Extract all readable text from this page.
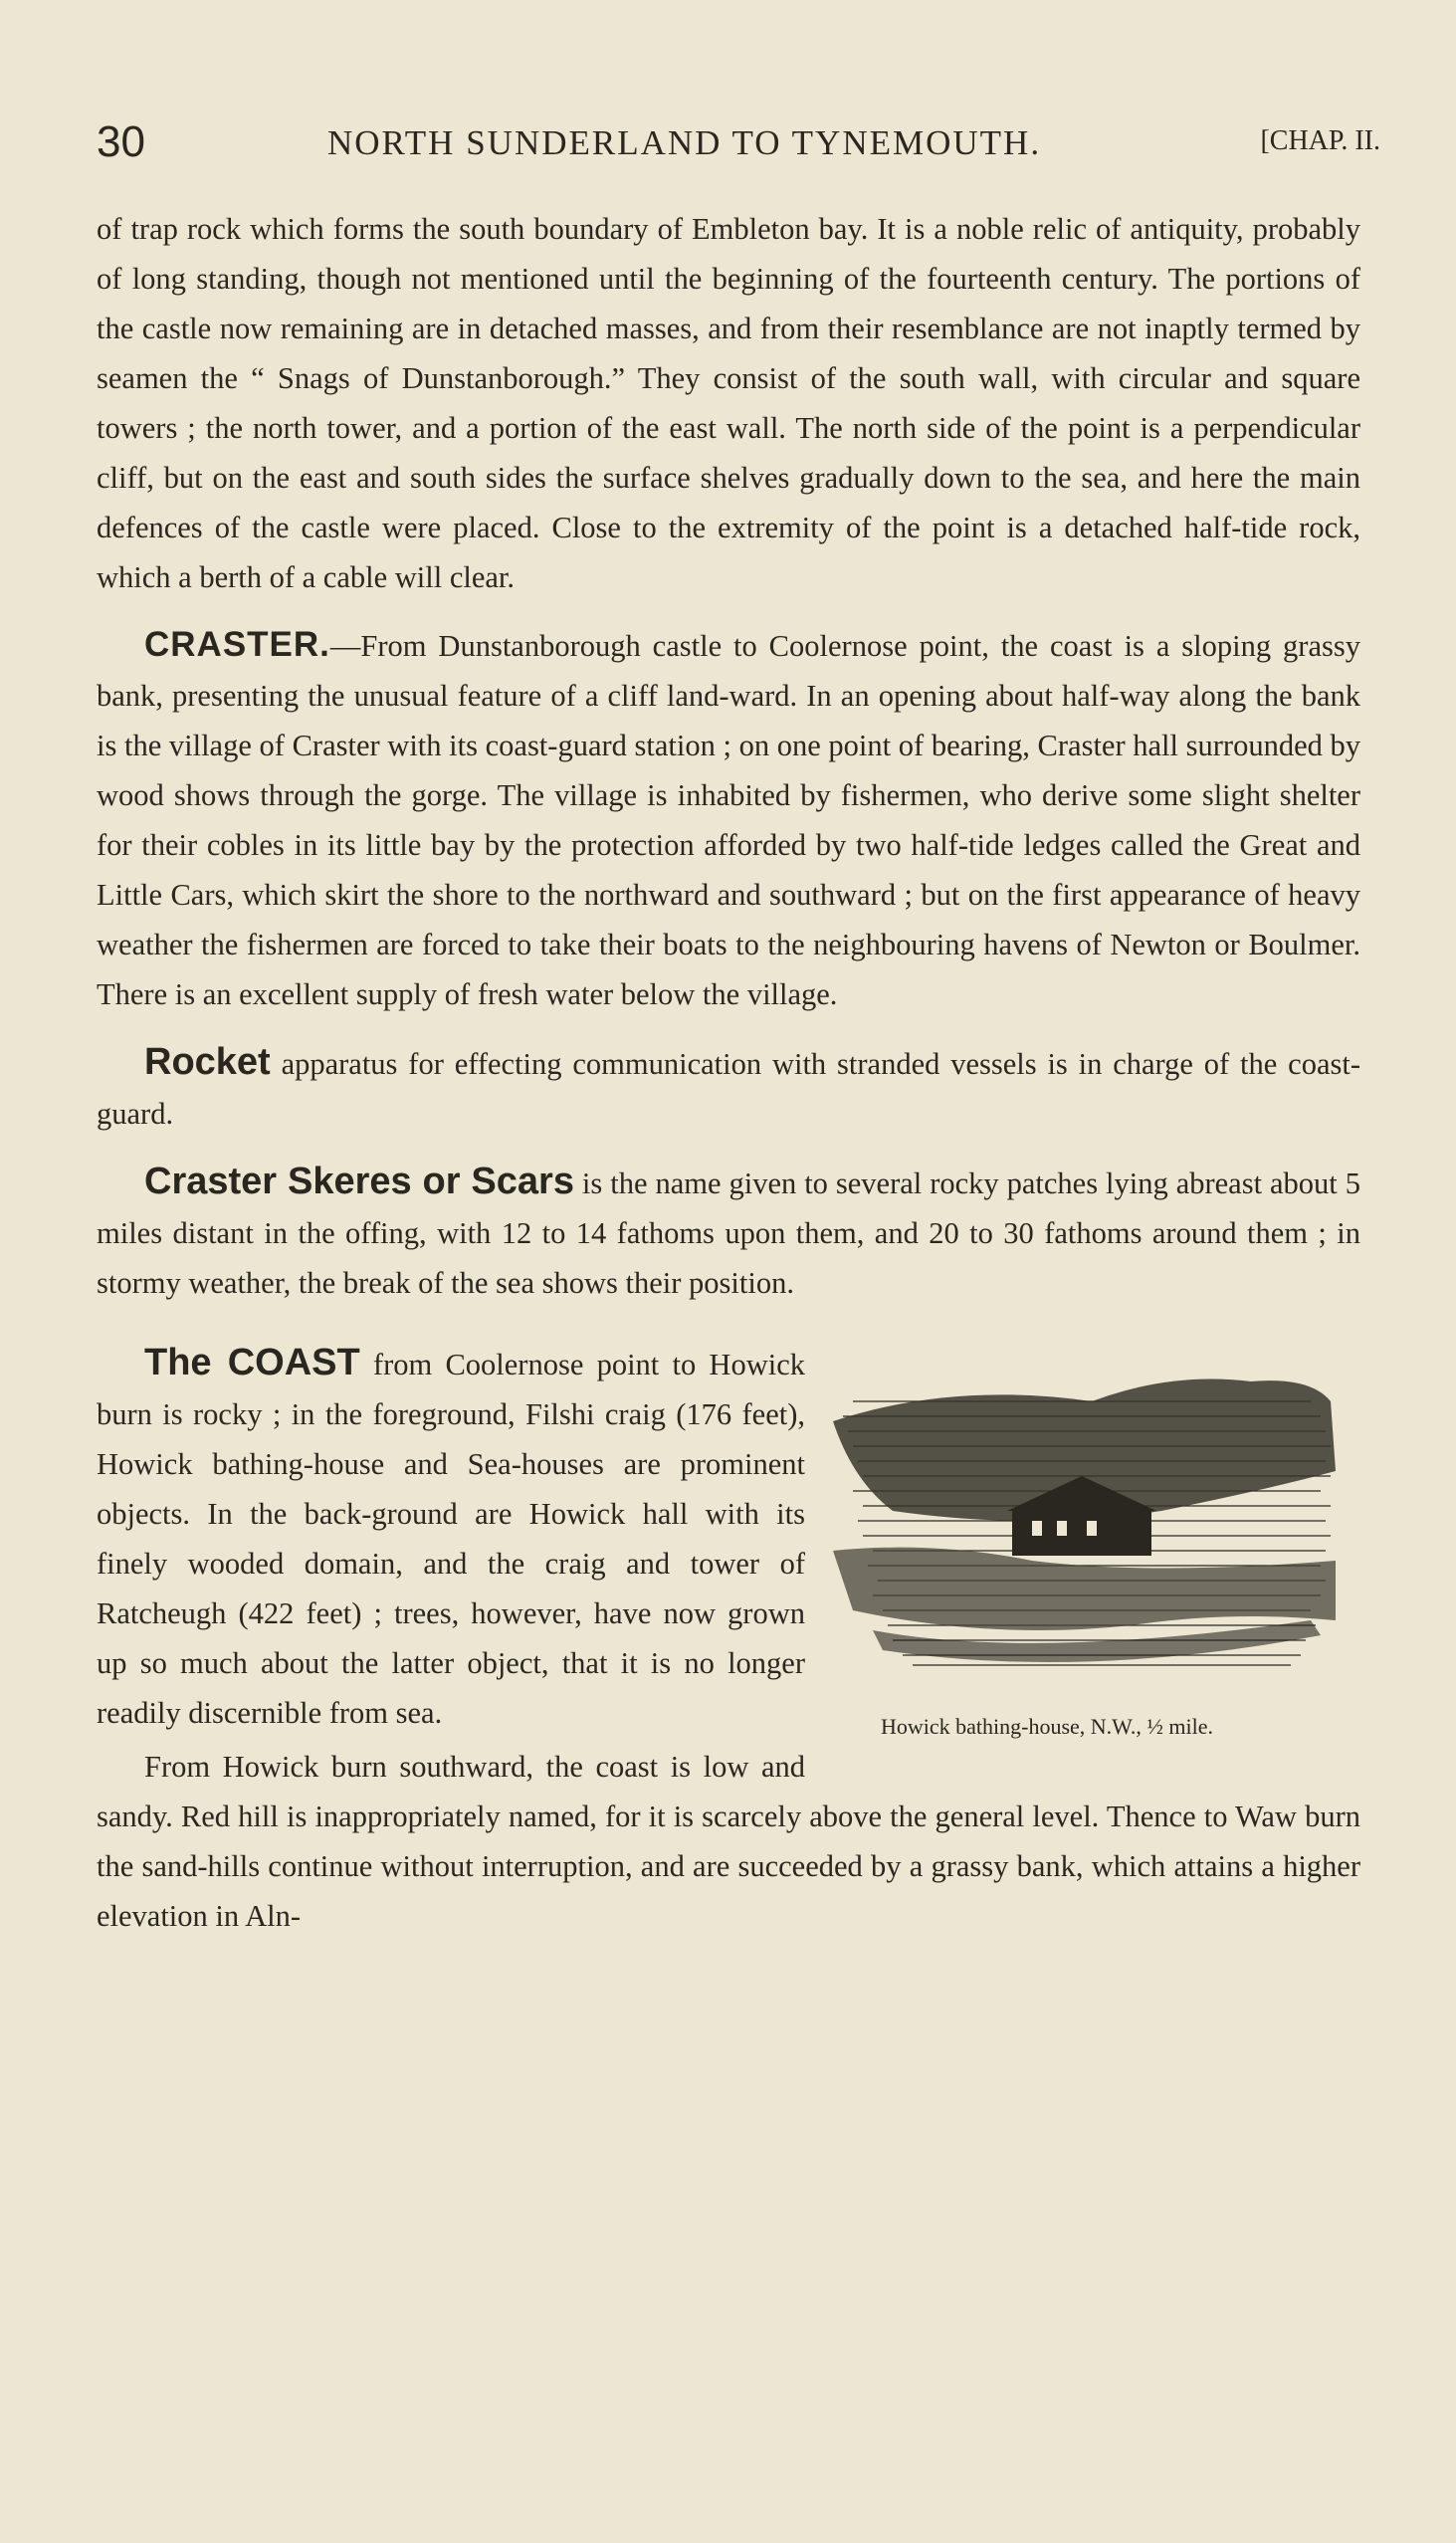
30	NORTH SUNDERLAND TO TYNEMOUTH.	[CHAP. II.

of trap rock which forms the south boundary of Embleton bay. It is a noble relic of antiquity, probably of long standing, though not mentioned until the beginning of the fourteenth century. The portions of the castle now remaining are in detached masses, and from their resemblance are not inaptly termed by seamen the “ Snags of Dunstanborough.” They consist of the south wall, with circular and square towers ; the north tower, and a portion of the east wall. The north side of the point is a perpendicular cliff, but on the east and south sides the surface shelves gradually down to the sea, and here the main defences of the castle were placed. Close to the extremity of the point is a detached half-tide rock, which a berth of a cable will clear.

CRASTER.—From Dunstanborough castle to Coolernose point, the coast is a sloping grassy bank, presenting the unusual feature of a cliff land-ward. In an opening about half-way along the bank is the village of Craster with its coast-guard station ; on one point of bearing, Craster hall surrounded by wood shows through the gorge. The village is inhabited by fishermen, who derive some slight shelter for their cobles in its little bay by the protection afforded by two half-tide ledges called the Great and Little Cars, which skirt the shore to the northward and southward ; but on the first appearance of heavy weather the fishermen are forced to take their boats to the neighbouring havens of Newton or Boulmer. There is an excellent supply of fresh water below the village.

Rocket apparatus for effecting communication with stranded vessels is in charge of the coast-guard.

Craster Skeres or Scars is the name given to several rocky patches lying abreast about 5 miles distant in the offing, with 12 to 14 fathoms upon them, and 20 to 30 fathoms around them ; in stormy weather, the break of the sea shows their position.

Howick bathing-house, N.W., ½ mile.
The COAST from Coolernose point to Howick burn is rocky ; in the foreground, Filshi craig (176 feet), Howick bathing-house and Sea-houses are prominent objects. In the back-ground are Howick hall with its finely wooded domain, and the craig and tower of Ratcheugh (422 feet) ; trees, however, have now grown up so much about the latter object, that it is no longer readily discernible from sea.

From Howick burn southward, the coast is low and sandy. Red hill is inappropriately named, for it is scarcely above the general level. Thence to Waw burn the sand-hills continue without interruption, and are succeeded by a grassy bank, which attains a higher elevation in Aln-
